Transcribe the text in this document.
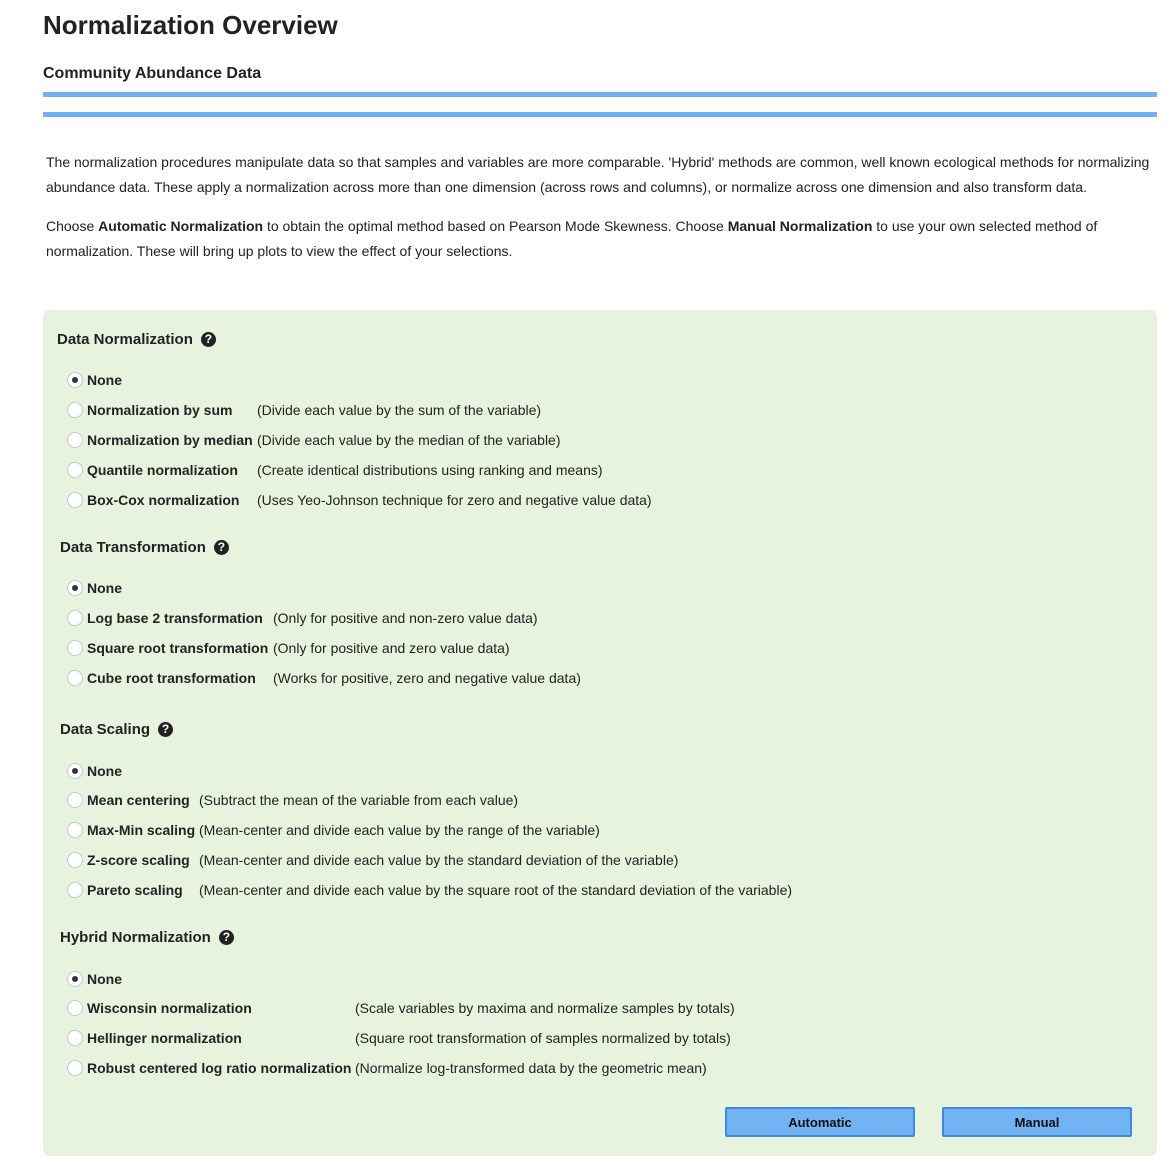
Normalization Overview
Community Abundance Data

The normalization procedures manipulate data so that samples and variables are more comparable. 'Hybrid' methods are common, well known ecological methods for normalizing abundance data. These apply a normalization across more than one dimension (across rows and columns), or normalize across one dimension and also transform data.

Choose Automatic Normalization to obtain the optimal method based on Pearson Mode Skewness. Choose Manual Normalization to use your own selected method of normalization. These will bring up plots to view the effect of your selections.

Data Normalization ?
None
Normalization by sum	(Divide each value by the sum of the variable)
Normalization by median (Divide each value by the median of the variable)
Quantile normalization	(Create identical distributions using ranking and means)
Box-Cox normalization	(Uses Yeo-Johnson technique for zero and negative value data)
Data Transformation ?
None
Log base 2 transformation (Only for positive and non-zero value data)
Square root transformation (Only for positive and zero value data)
Cube root transformation	(Works for positive, zero and negative value data)
Data Scaling ?
None
Mean centering (Subtract the mean of the variable from each value)
Max-Min scaling (Mean-center and divide each value by the range of the variable)
Z-score scaling (Mean-center and divide each value by the standard deviation of the variable)
Pareto scaling	(Mean-center and divide each value by the square root of the standard deviation of the variable)
Hybrid Normalization ?
None
Wisconsin normalization	(Scale variables by maxima and normalize samples by totals)
Hellinger normalization	(Square root transformation of samples normalized by totals)
Robust centered log ratio normalization (Normalize log-transformed data by the geometric mean)
Automatic	Manual
